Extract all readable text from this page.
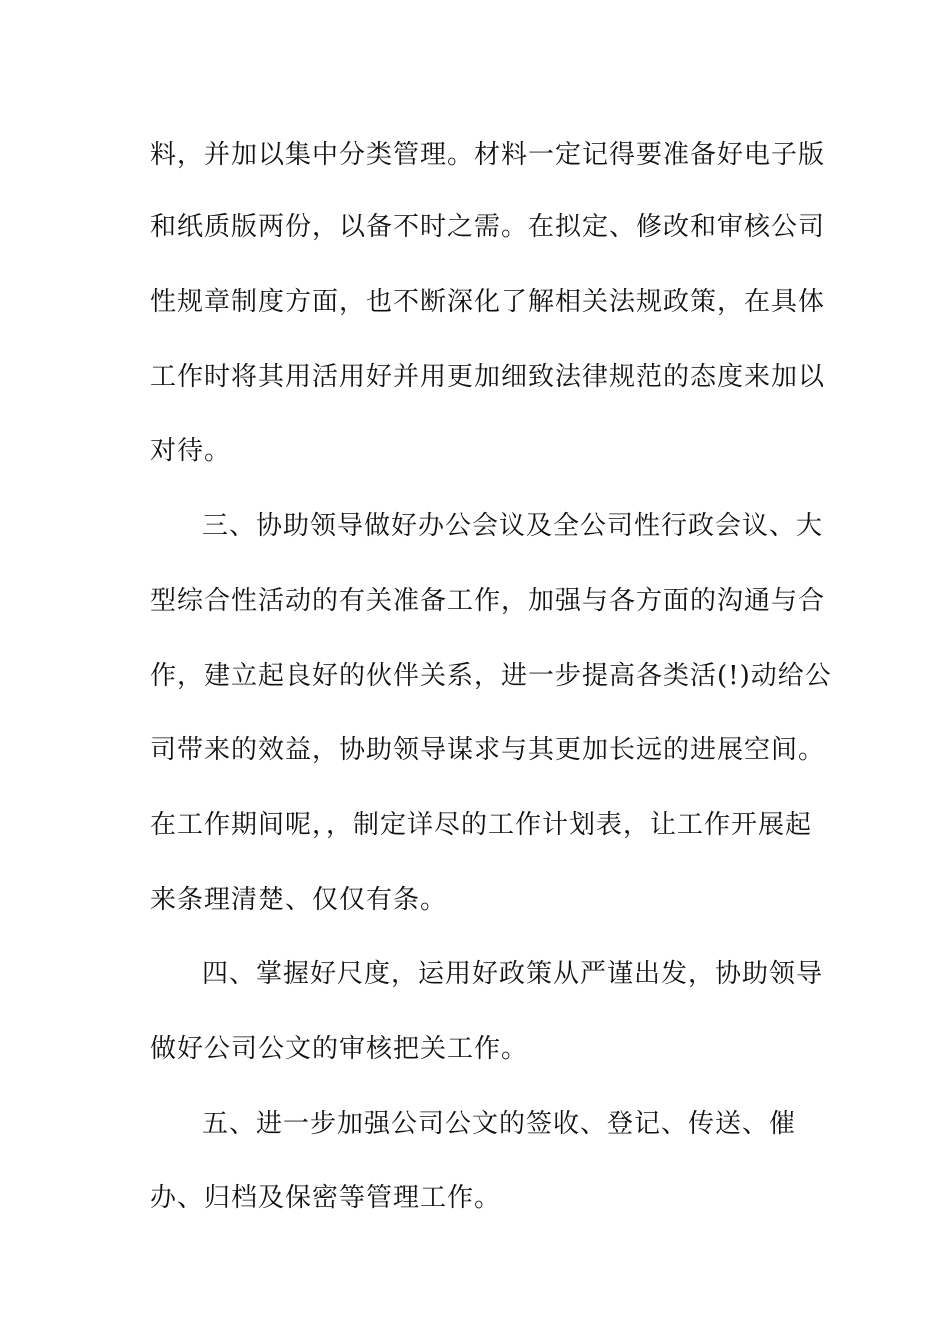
料，并加以集中分类管理。材料一定记得要准备好电子版
和纸质版两份，以备不时之需。在拟定、修改和审核公司
性规章制度方面，也不断深化了解相关法规政策，在具体
工作时将其用活用好并用更加细致法律规范的态度来加以
对待。
三、协助领导做好办公会议及全公司性行政会议、大
型综合性活动的有关准备工作，加强与各方面的沟通与合
作，建立起良好的伙伴关系，进一步提高各类活(!)动给公
司带来的效益，协助领导谋求与其更加长远的进展空间。
在工作期间呢，，制定详尽的工作计划表，让工作开展起
来条理清楚、仅仅有条。
四、掌握好尺度，运用好政策从严谨出发，协助领导
做好公司公文的审核把关工作。
五、进一步加强公司公文的签收、登记、传送、催
办、归档及保密等管理工作。
